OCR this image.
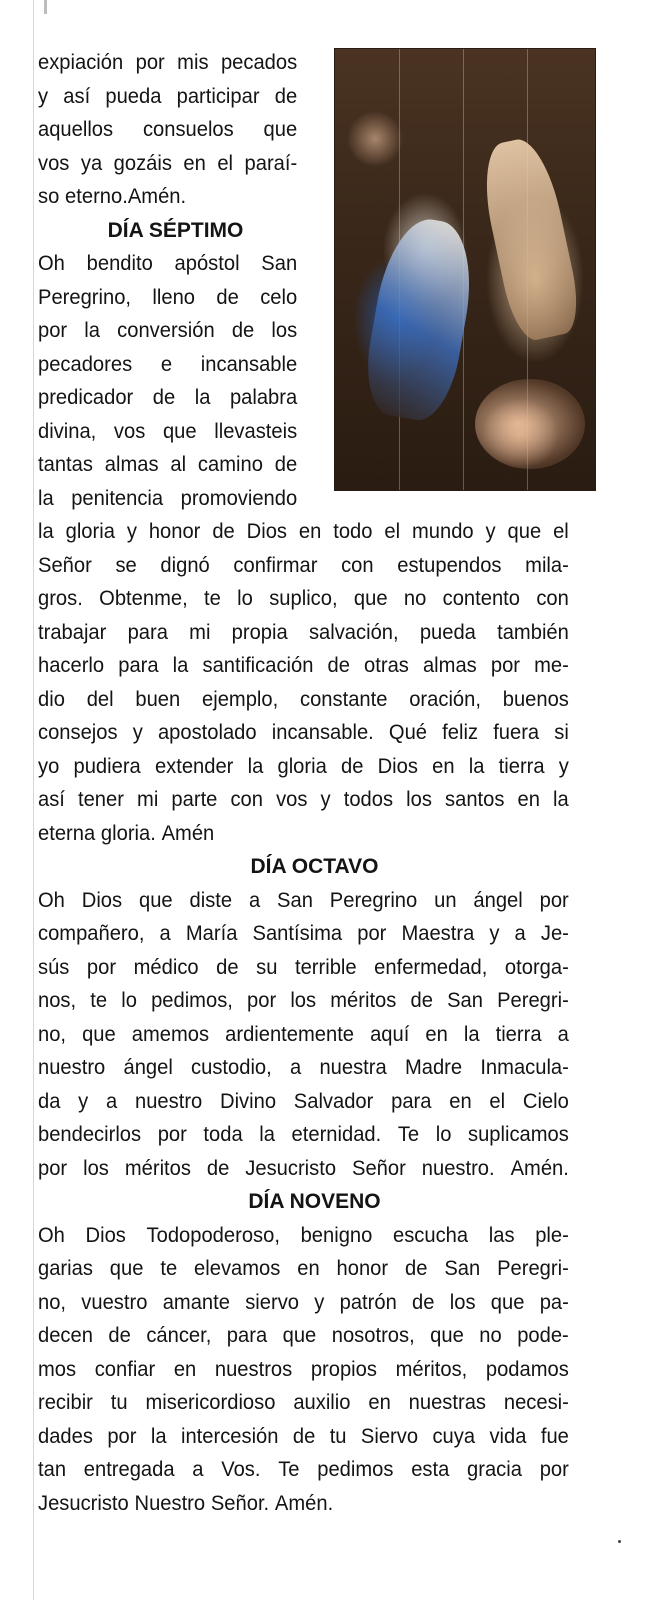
expiación por mis pecados
y así pueda participar de
aquellos consuelos que
vos ya gozáis en el paraí-
so eterno.Amén.
DÍA SÉPTIMO
Oh bendito apóstol San
Peregrino, lleno de celo
por la conversión de los
pecadores e incansable
predicador de la palabra
divina, vos que llevasteis
tantas almas al camino de
la penitencia promoviendo
la gloria y honor de Dios en todo el mundo y que el
Señor se dignó confirmar con estupendos mila-
gros. Obtenme, te lo suplico, que no contento con
trabajar para mi propia salvación, pueda también
hacerlo para la santificación de otras almas por me-
dio del buen ejemplo, constante oración, buenos
consejos y apostolado incansable. Qué feliz fuera si
yo pudiera extender la gloria de Dios en la tierra y
así tener mi parte con vos y todos los santos en la
eterna gloria. Amén
DÍA OCTAVO
Oh Dios que diste a San Peregrino un ángel por
compañero, a María Santísima por Maestra y a Je-
sús por médico de su terrible enfermedad, otorga-
nos, te lo pedimos, por los méritos de San Peregri-
no, que amemos ardientemente aquí en la tierra a
nuestro ángel custodio, a nuestra Madre Inmacula-
da y a nuestro Divino Salvador para en el Cielo
bendecirlos por toda la eternidad. Te lo suplicamos
por los méritos de Jesucristo Señor nuestro. Amén.
DÍA NOVENO
Oh Dios Todopoderoso, benigno escucha las ple-
garias que te elevamos en honor de San Peregri-
no, vuestro amante siervo y patrón de los que pa-
decen de cáncer, para que nosotros, que no pode-
mos confiar en nuestros propios méritos, podamos
recibir tu misericordioso auxilio en nuestras necesi-
dades por la intercesión de tu Siervo cuya vida fue
tan entregada a Vos. Te pedimos esta gracia por
Jesucristo Nuestro Señor. Amén.
